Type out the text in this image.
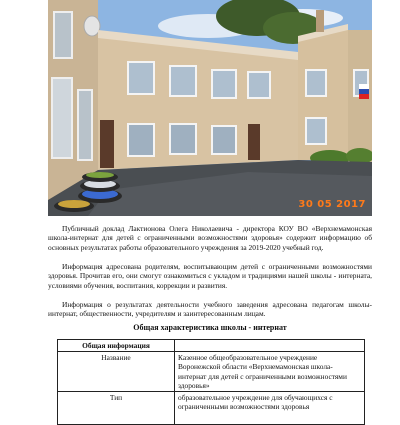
30 05 2017

Публичный доклад Лактионова Олега Николаевича - директора КОУ ВО «Верхнемамонская школа-интернат для детей с ограниченными возможностями здоровья» содержит информацию об основных результатах работы образовательного учреждения за 2019-2020 учебный год.

Информация адресована родителям, воспитывающим детей с ограниченными возможностями здоровья. Прочитав его, они смогут ознакомиться с укладом и традициями нашей школы - интерната, условиями обучения, воспитания, коррекции и развития.

Информация о результатах деятельности учебного заведения адресована педагогам школы-интернат, общественности, учредителям и заинтересованным лицам.

Общая характеристика школы - интернат
Общая информация	
Название	Казенное общеобразовательное учреждение Воронежской области «Верхнемамонская школа-интернат для детей с ограниченными возможностями здоровья»
Тип	образовательное учреждение для обучающихся с ограниченными возможностями здоровья
